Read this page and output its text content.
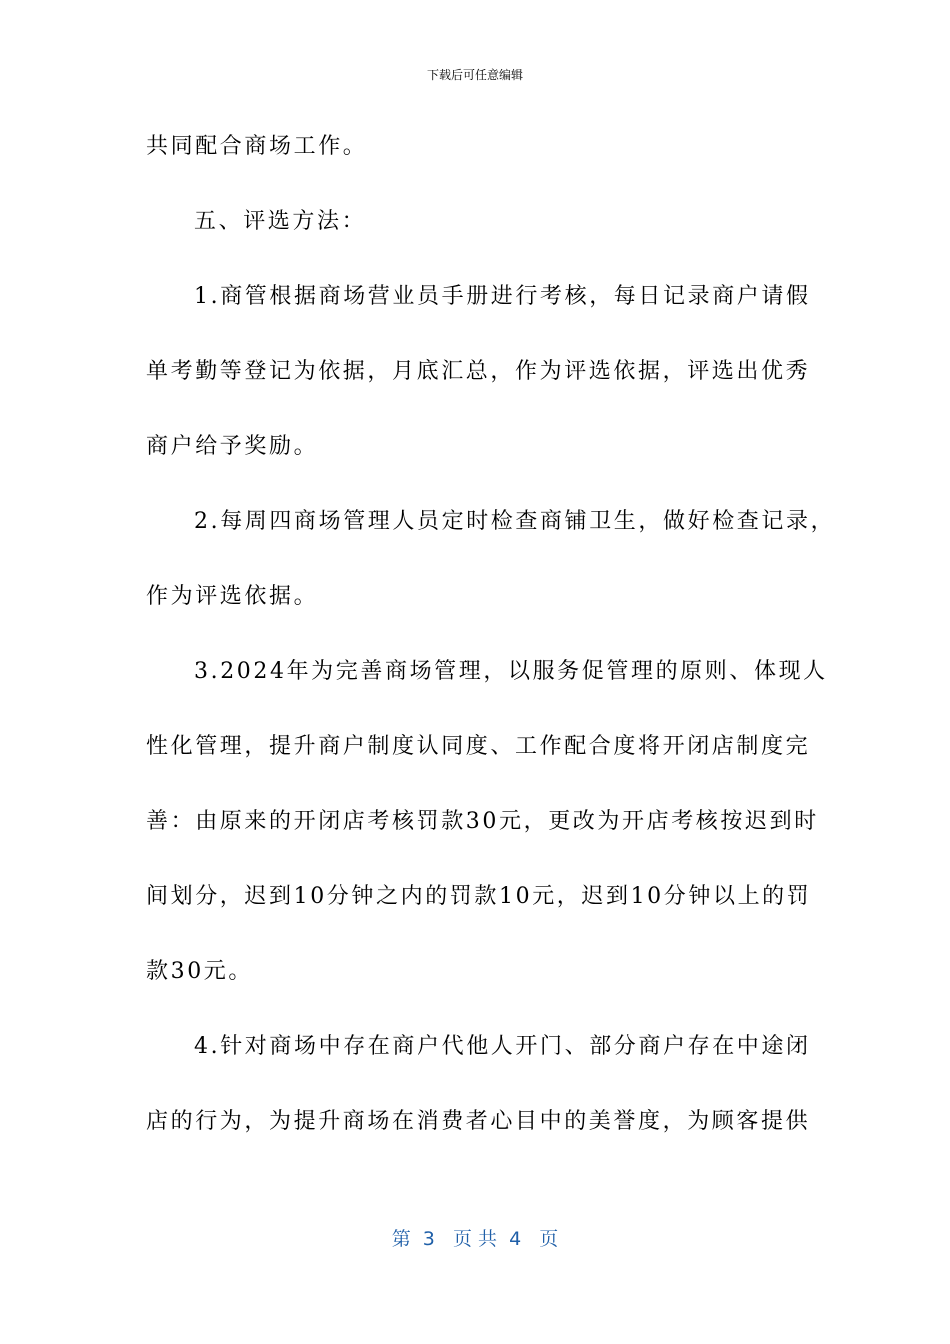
下载后可任意编辑
共同配合商场工作。
五、评选方法：
1.商管根据商场营业员手册进行考核，每日记录商户请假
单考勤等登记为依据，月底汇总，作为评选依据，评选出优秀
商户给予奖励。
2.每周四商场管理人员定时检查商铺卫生，做好检查记录，
作为评选依据。
3.2024年为完善商场管理，以服务促管理的原则、体现人
性化管理，提升商户制度认同度、工作配合度将开闭店制度完
善：由原来的开闭店考核罚款30元，更改为开店考核按迟到时
间划分，迟到10分钟之内的罚款10元，迟到10分钟以上的罚
款30元。
4.针对商场中存在商户代他人开门、部分商户存在中途闭
店的行为，为提升商场在消费者心目中的美誉度，为顾客提供
第  3   页 共  4   页
